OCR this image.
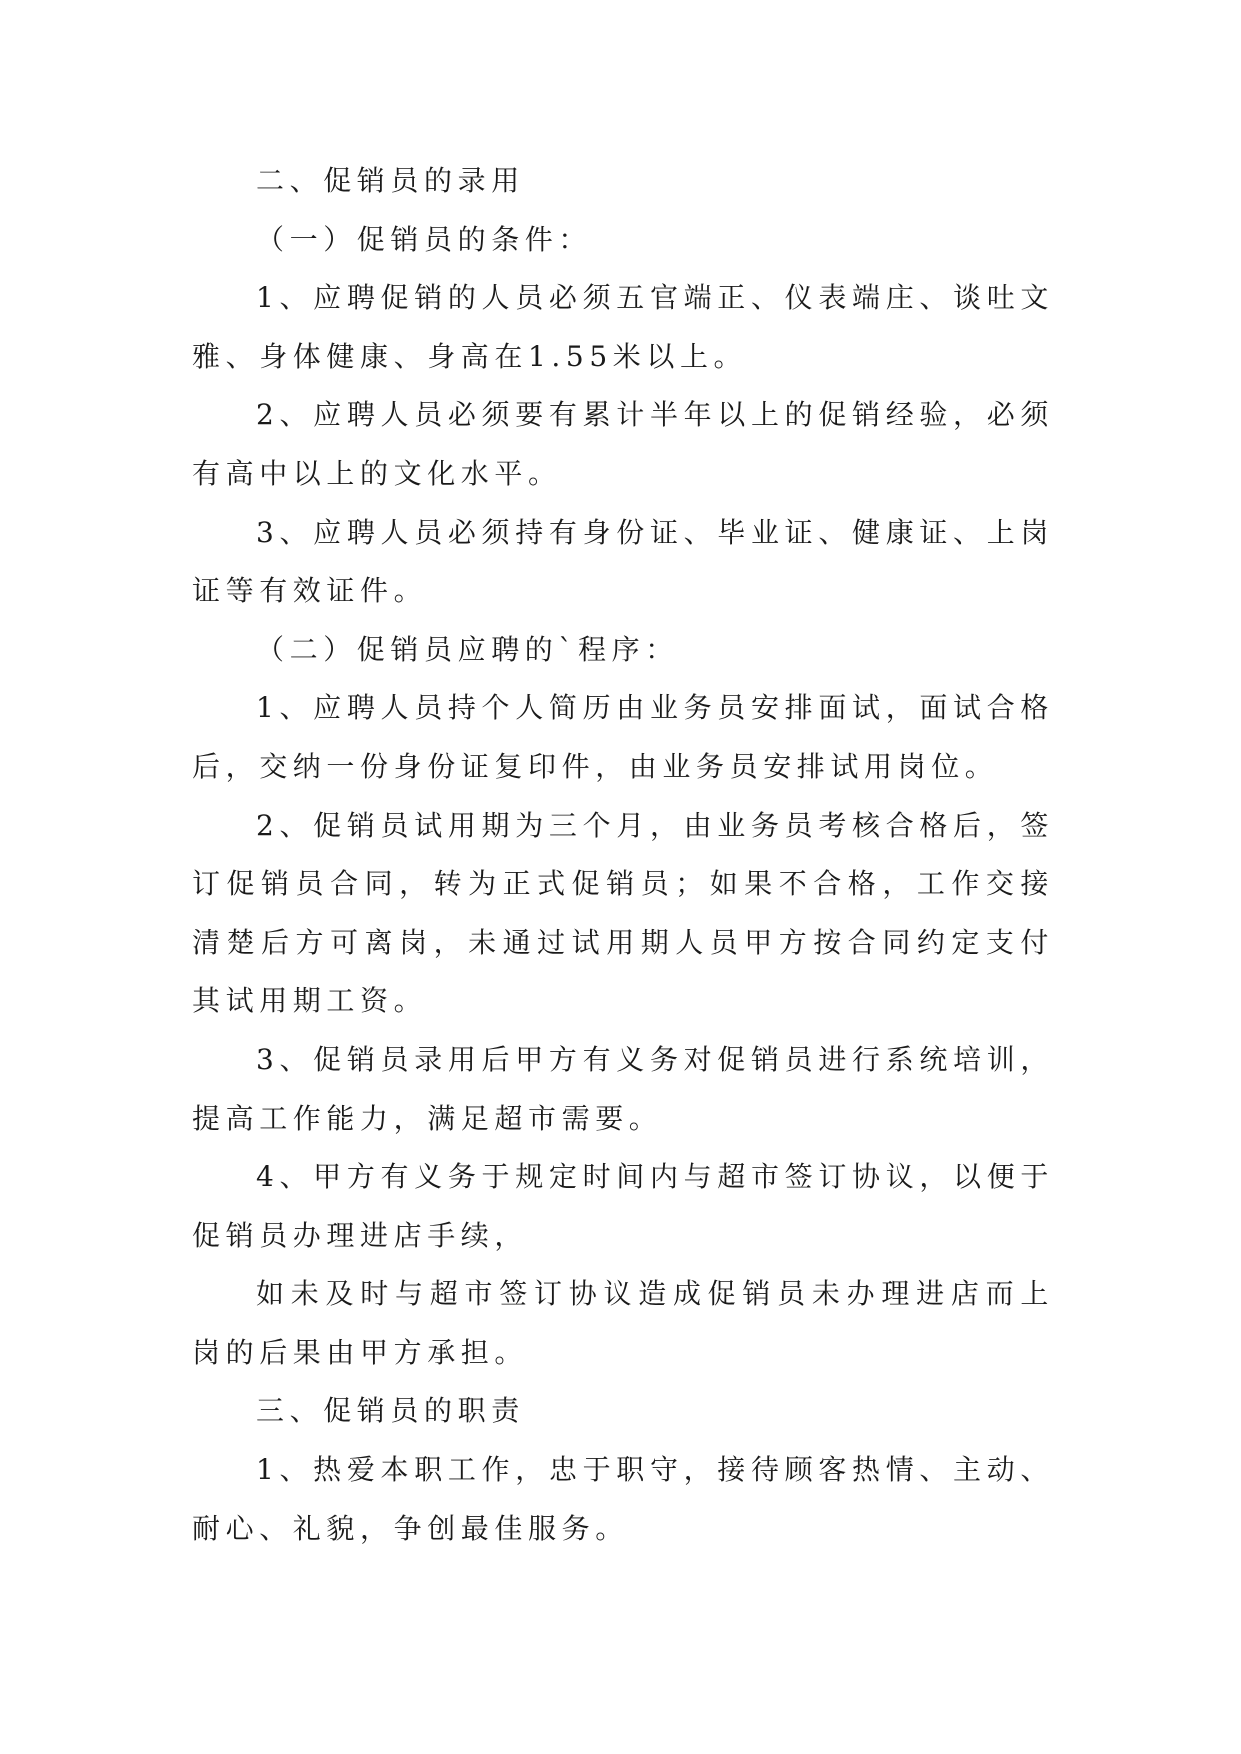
二、促销员的录用

（一）促销员的条件：

1、应聘促销的人员必须五官端正、仪表端庄、谈吐文雅、身体健康、身高在1.55米以上。

2、应聘人员必须要有累计半年以上的促销经验，必须有高中以上的文化水平。

3、应聘人员必须持有身份证、毕业证、健康证、上岗证等有效证件。

（二）促销员应聘的`程序：

1、应聘人员持个人简历由业务员安排面试，面试合格后，交纳一份身份证复印件，由业务员安排试用岗位。

2、促销员试用期为三个月，由业务员考核合格后，签订促销员合同，转为正式促销员；如果不合格，工作交接清楚后方可离岗，未通过试用期人员甲方按合同约定支付其试用期工资。

3、促销员录用后甲方有义务对促销员进行系统培训，提高工作能力，满足超市需要。

4、甲方有义务于规定时间内与超市签订协议，以便于促销员办理进店手续，

如未及时与超市签订协议造成促销员未办理进店而上岗的后果由甲方承担。

三、促销员的职责

1、热爱本职工作，忠于职守，接待顾客热情、主动、耐心、礼貌，争创最佳服务。
